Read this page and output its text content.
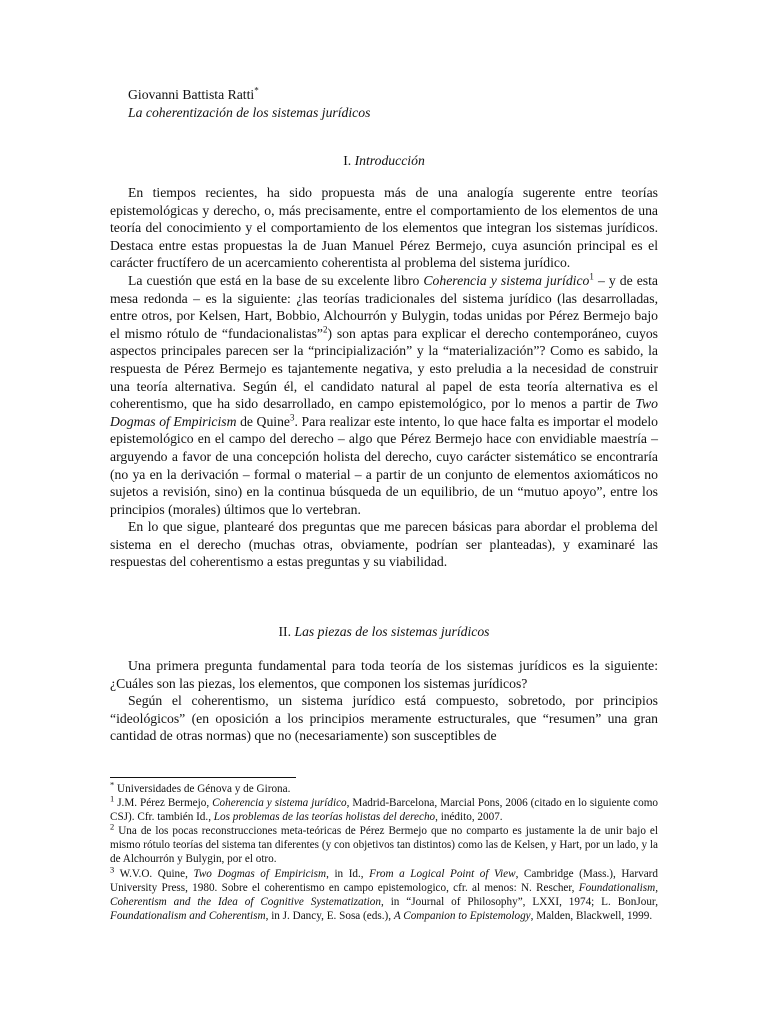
Giovanni Battista Ratti*
La coherentización de los sistemas jurídicos
I. Introducción

En tiempos recientes, ha sido propuesta más de una analogía sugerente entre teorías epistemológicas y derecho, o, más precisamente, entre el comportamiento de los elementos de una teoría del conocimiento y el comportamiento de los elementos que integran los sistemas jurídicos. Destaca entre estas propuestas la de Juan Manuel Pérez Bermejo, cuya asunción principal es el carácter fructífero de un acercamiento coherentista al problema del sistema jurídico.

La cuestión que está en la base de su excelente libro Coherencia y sistema jurídico$^1$ – y de esta mesa redonda – es la siguiente: ¿las teorías tradicionales del sistema jurídico (las desarrolladas, entre otros, por Kelsen, Hart, Bobbio, Alchourrón y Bulygin, todas unidas por Pérez Bermejo bajo el mismo rótulo de “fundacionalistas”$^2$) son aptas para explicar el derecho contemporáneo, cuyos aspectos principales parecen ser la “principialización” y la “materialización”? Como es sabido, la respuesta de Pérez Bermejo es tajantemente negativa, y esto preludia a la necesidad de construir una teoría alternativa. Según él, el candidato natural al papel de esta teoría alternativa es el coherentismo, que ha sido desarrollado, en campo epistemológico, por lo menos a partir de Two Dogmas of Empiricism de Quine$^3$. Para realizar este intento, lo que hace falta es importar el modelo epistemológico en el campo del derecho – algo que Pérez Bermejo hace con envidiable maestría – arguyendo a favor de una concepción holista del derecho, cuyo carácter sistemático se encontraría (no ya en la derivación – formal o material – a partir de un conjunto de elementos axiomáticos no sujetos a revisión, sino) en la continua búsqueda de un equilibrio, de un “mutuo apoyo”, entre los principios (morales) últimos que lo vertebran.

En lo que sigue, plantearé dos preguntas que me parecen básicas para abordar el problema del sistema en el derecho (muchas otras, obviamente, podrían ser planteadas), y examinaré las respuestas del coherentismo a estas preguntas y su viabilidad.

II. Las piezas de los sistemas jurídicos

Una primera pregunta fundamental para toda teoría de los sistemas jurídicos es la siguiente: ¿Cuáles son las piezas, los elementos, que componen los sistemas jurídicos?

Según el coherentismo, un sistema jurídico está compuesto, sobretodo, por principios “ideológicos” (en oposición a los principios meramente estructurales, que “resumen” una gran cantidad de otras normas) que no (necesariamente) son susceptibles de

* Universidades de Génova y de Girona.

$^1$ J.M. Pérez Bermejo, Coherencia y sistema jurídico, Madrid-Barcelona, Marcial Pons, 2006 (citado en lo siguiente como CSJ). Cfr. también Id., Los problemas de las teorías holistas del derecho, inédito, 2007.

$^2$ Una de los pocas reconstrucciones meta-teóricas de Pérez Bermejo que no comparto es justamente la de unir bajo el mismo rótulo teorías del sistema tan diferentes (y con objetivos tan distintos) como las de Kelsen, y Hart, por un lado, y la de Alchourrón y Bulygin, por el otro.

$^3$ W.V.O. Quine, Two Dogmas of Empiricism, in Id., From a Logical Point of View, Cambridge (Mass.), Harvard University Press, 1980. Sobre el coherentismo en campo epistemologico, cfr. al menos: N. Rescher, Foundationalism, Coherentism and the Idea of Cognitive Systematization, in “Journal of Philosophy”, LXXI, 1974; L. BonJour, Foundationalism and Coherentism, in J. Dancy, E. Sosa (eds.), A Companion to Epistemology, Malden, Blackwell, 1999.
